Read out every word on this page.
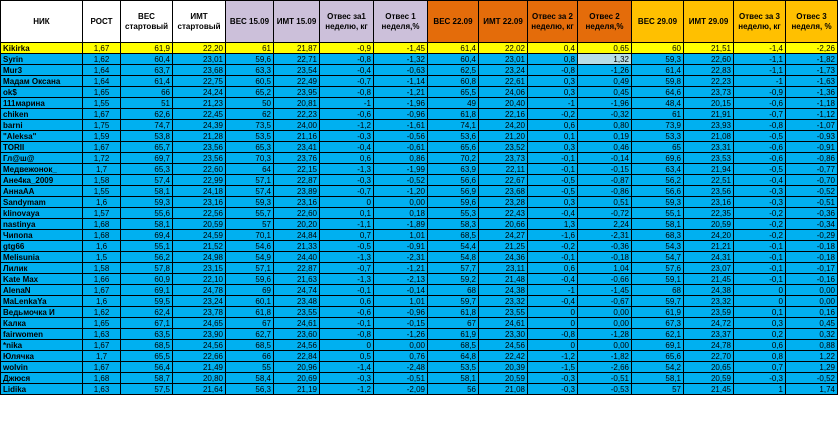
НИК	РОСТ	ВЕС стартовый	ИМТ стартовый	ВЕС 15.09	ИМТ 15.09	Отвес за1 неделю, кг	Отвес 1 неделя,%	ВЕС 22.09	ИМТ 22.09	Отвес за 2 неделю, кг	Отвес 2 неделя,%	ВЕС 29.09	ИМТ 29.09	Отвес за 3 неделю, кг	Отвес 3 неделя, %
Kikirka	1,67	61,9	22,20	61	21,87	-0,9	-1,45	61,4	22,02	0,4	0,65	60	21,51	-1,4	-2,26
Syrin	1,62	60,4	23,01	59,6	22,71	-0,8	-1,32	60,4	23,01	0,8	1,32	59,3	22,60	-1,1	-1,82
Mur3	1,64	63,7	23,68	63,3	23,54	-0,4	-0,63	62,5	23,24	-0,8	-1,26	61,4	22,83	-1,1	-1,73
Мадам Оксана	1,64	61,4	22,75	60,5	22,49	-0,7	-1,14	60,8	22,61	0,3	0,49	59,8	22,23	-1	-1,63
ok$	1,65	66	24,24	65,2	23,95	-0,8	-1,21	65,5	24,06	0,3	0,45	64,6	23,73	-0,9	-1,36
111марина	1,55	51	21,23	50	20,81	-1	-1,96	49	20,40	-1	-1,96	48,4	20,15	-0,6	-1,18
chiken	1,67	62,6	22,45	62	22,23	-0,6	-0,96	61,8	22,16	-0,2	-0,32	61	21,91	-0,7	-1,12
barni	1,75	74,7	24,39	73,5	24,00	-1,2	-1,61	74,1	24,20	0,6	0,80	73,9	23,93	-0,8	-1,07
"Aleksa"	1,59	53,8	21,28	53,5	21,16	-0,3	-0,56	53,6	21,20	0,1	0,19	53,3	21,08	-0,5	-0,93
TORII	1,67	65,7	23,56	65,3	23,41	-0,4	-0,61	65,6	23,52	0,3	0,46	65	23,31	-0,6	-0,91
Гл@ш@	1,72	69,7	23,56	70,3	23,76	0,6	0,86	70,2	23,73	-0,1	-0,14	69,6	23,53	-0,6	-0,86
Медвежонок_	1,7	65,3	22,60	64	22,15	-1,3	-1,99	63,9	22,11	-0,1	-0,15	63,4	21,94	-0,5	-0,77
Ане4ка_2009	1,58	57,4	22,99	57,1	22,87	-0,3	-0,52	56,6	22,67	-0,5	-0,87	56,2	22,51	-0,4	-0,70
АннаАА	1,55	58,1	24,18	57,4	23,89	-0,7	-1,20	56,9	23,68	-0,5	-0,86	56,6	23,56	-0,3	-0,52
Sandymam	1,6	59,3	23,16	59,3	23,16	0	0,00	59,6	23,28	0,3	0,51	59,3	23,16	-0,3	-0,51
klinovaya	1,57	55,6	22,56	55,7	22,60	0,1	0,18	55,3	22,43	-0,4	-0,72	55,1	22,35	-0,2	-0,36
nastinya	1,68	58,1	20,59	57	20,20	-1,1	-1,89	58,3	20,66	1,3	2,24	58,1	20,59	-0,2	-0,34
Чипопа	1,68	69,4	24,59	70,1	24,84	0,7	1,01	68,5	24,27	-1,6	-2,31	68,3	24,20	-0,2	-0,29
gtg66	1,6	55,1	21,52	54,6	21,33	-0,5	-0,91	54,4	21,25	-0,2	-0,36	54,3	21,21	-0,1	-0,18
Melisunia	1,5	56,2	24,98	54,9	24,40	-1,3	-2,31	54,8	24,36	-0,1	-0,18	54,7	24,31	-0,1	-0,18
Лилик	1,58	57,8	23,15	57,1	22,87	-0,7	-1,21	57,7	23,11	0,6	1,04	57,6	23,07	-0,1	-0,17
Kate Max	1,66	60,9	22,10	59,6	21,63	-1,3	-2,13	59,2	21,48	-0,4	-0,66	59,1	21,45	-0,1	-0,16
AlenaN	1,67	69,1	24,78	69	24,74	-0,1	-0,14	68	24,38	-1	-1,45	68	24,38	0	0,00
MaLenkaYa	1,6	59,5	23,24	60,1	23,48	0,6	1,01	59,7	23,32	-0,4	-0,67	59,7	23,32	0	0,00
Ведьмочка И	1,62	62,4	23,78	61,8	23,55	-0,6	-0,96	61,8	23,55	0	0,00	61,9	23,59	0,1	0,16
Калка	1,65	67,1	24,65	67	24,61	-0,1	-0,15	67	24,61	0	0,00	67,3	24,72	0,3	0,45
fairwomen	1,63	63,5	23,90	62,7	23,60	-0,8	-1,26	61,9	23,30	-0,8	-1,28	62,1	23,37	0,2	0,32
*nika	1,67	68,5	24,56	68,5	24,56	0	0,00	68,5	24,56	0	0,00	69,1	24,78	0,6	0,88
Юлячка	1,7	65,5	22,66	66	22,84	0,5	0,76	64,8	22,42	-1,2	-1,82	65,6	22,70	0,8	1,22
wolvin	1,67	56,4	21,49	55	20,96	-1,4	-2,48	53,5	20,39	-1,5	-2,66	54,2	20,65	0,7	1,29
Джюся	1,68	58,7	20,80	58,4	20,69	-0,3	-0,51	58,1	20,59	-0,3	-0,51	58,1	20,59	-0,3	-0,52
Lidika	1,63	57,5	21,64	56,3	21,19	-1,2	-2,09	56	21,08	-0,3	-0,53	57	21,45	1	1,74
